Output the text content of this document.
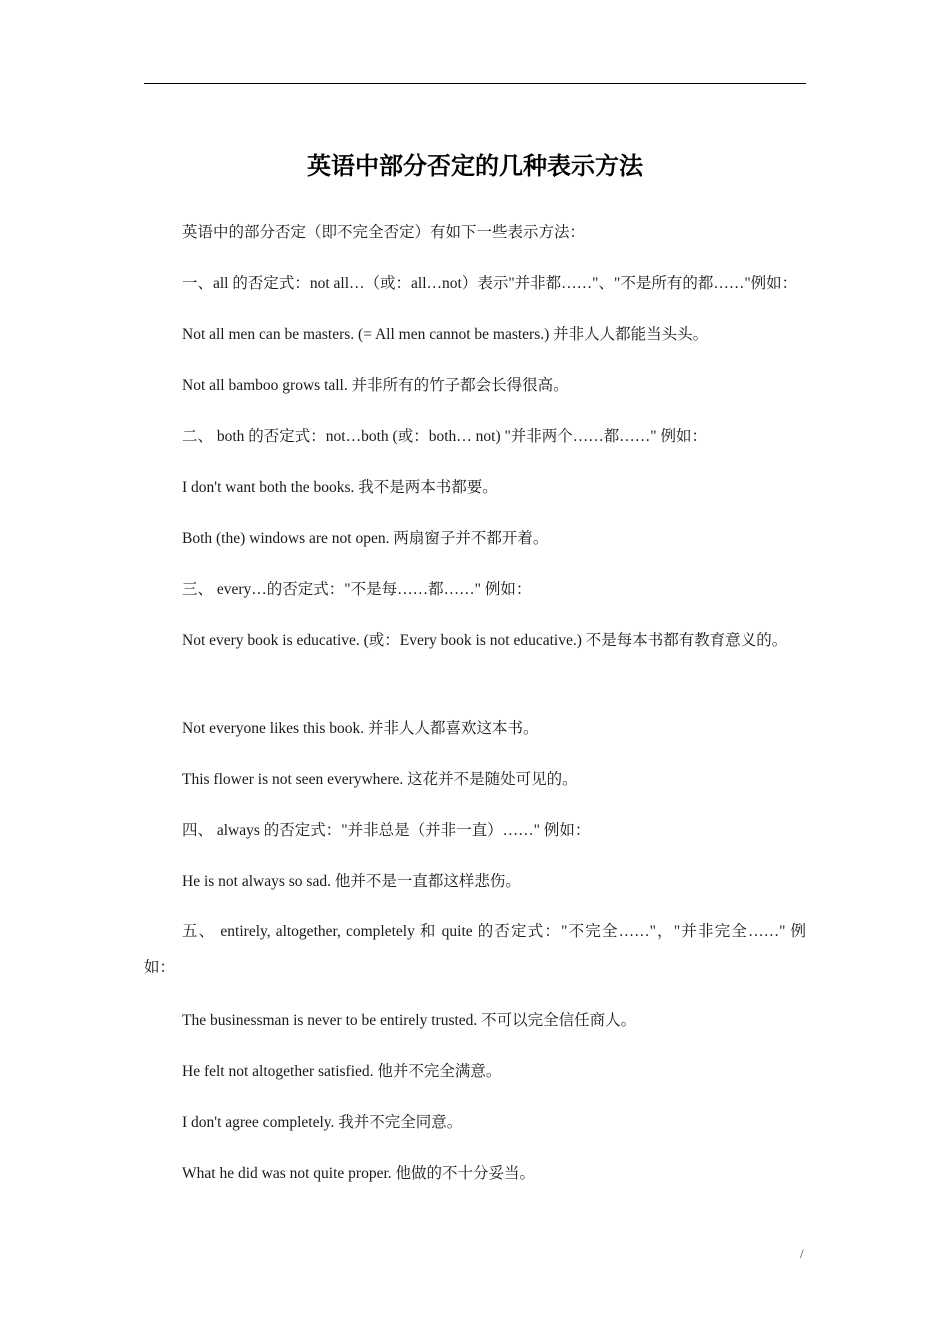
英语中部分否定的几种表示方法
英语中的部分否定（即不完全否定）有如下一些表示方法：
一、all 的否定式：not all…（或：all…not）表示"并非都……"、"不是所有的都……"例如：
Not all men can be masters. (= All men cannot be masters.) 并非人人都能当头头。
Not all bamboo grows tall. 并非所有的竹子都会长得很高。
二、 both 的否定式：not…both (或：both… not) "并非两个……都……" 例如：
I don't want both the books. 我不是两本书都要。
Both (the) windows are not open. 两扇窗子并不都开着。
三、 every…的否定式："不是每……都……" 例如：
Not every book is educative. (或：Every book is not educative.) 不是每本书都有教育意义的。
Not everyone likes this book. 并非人人都喜欢这本书。
This flower is not seen everywhere. 这花并不是随处可见的。
四、 always 的否定式："并非总是（并非一直）……" 例如：
He is not always so sad. 他并不是一直都这样悲伤。
五、 entirely, altogether, completely 和 quite 的否定式："不完全……"，"并非完全……" 例如：
The businessman is never to be entirely trusted. 不可以完全信任商人。
He felt not altogether satisfied. 他并不完全满意。
I don't agree completely. 我并不完全同意。
What he did was not quite proper. 他做的不十分妥当。
/
